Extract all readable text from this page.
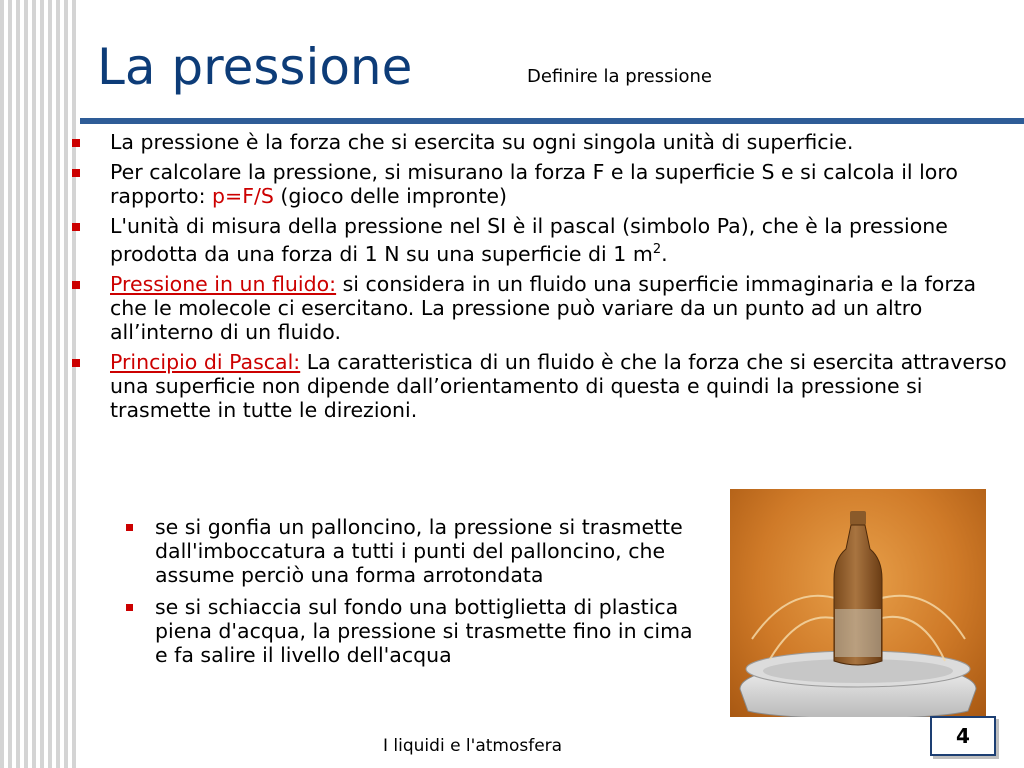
La pressione	Definire la pressione
La pressione è la forza che si esercita su ogni singola unità di superficie.
Per calcolare la pressione, si misurano la forza F e la superficie S e si calcola il loro rapporto: p=F/S (gioco delle impronte)
L'unità di misura della pressione nel SI è il pascal (simbolo Pa), che è la pressione prodotta da una forza di 1 N su una superficie di 1 $m^2$.
Pressione in un fluido: si considera in un fluido una superficie immaginaria e la forza che le molecole ci esercitano. La pressione può variare da un punto ad un altro all’interno di un fluido.
Principio di Pascal: La caratteristica di un fluido è che la forza che si esercita attraverso una superficie non dipende dall’orientamento di questa e quindi la pressione si trasmette in tutte le direzioni.
se si gonfia un palloncino, la pressione si trasmette dall'imboccatura a tutti i punti del palloncino, che assume perciò una forma arrotondata
se si schiaccia sul fondo una bottiglietta di plastica piena d'acqua, la pressione si trasmette fino in cima e fa salire il livello dell'acqua
I liquidi e l'atmosfera	4
